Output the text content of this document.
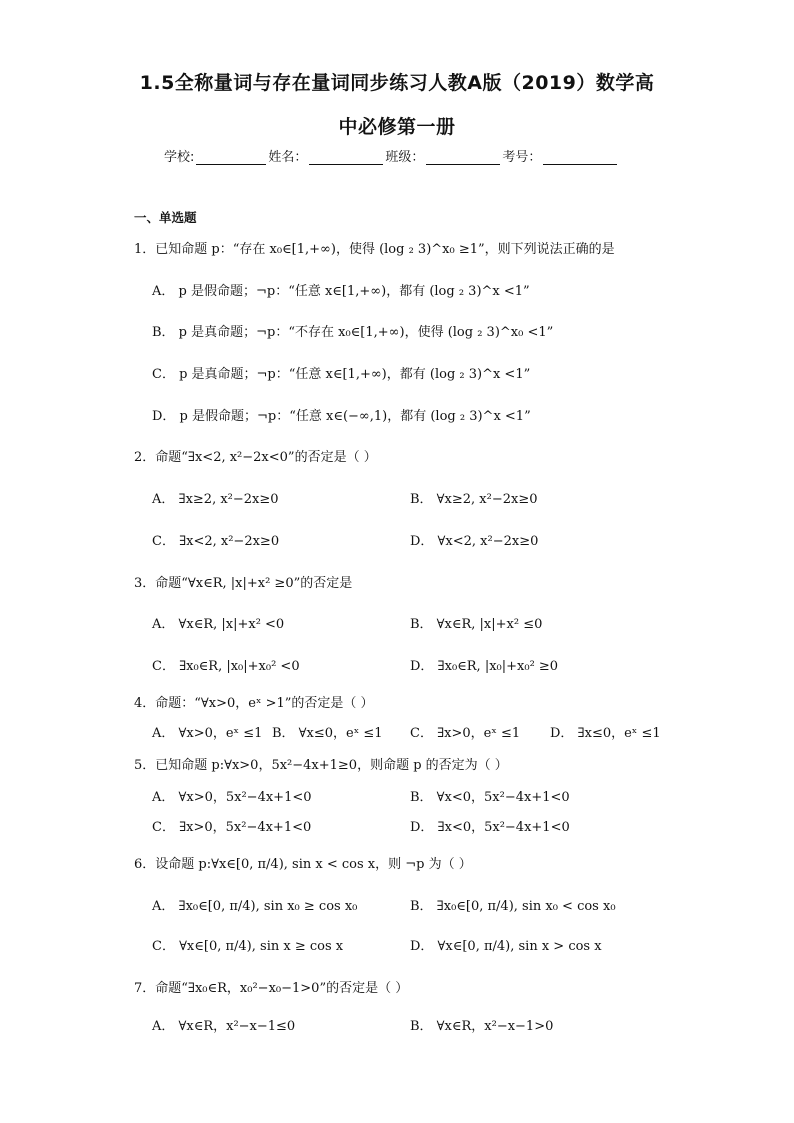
1.5全称量词与存在量词同步练习人教A版（2019）数学高
中必修第一册
学校:	姓名：	班级：	考号：
一、单选题
1．已知命题 p：“存在 x₀∈[1,+∞)，使得 (log ₂ 3)^x₀ ≥1”，则下列说法正确的是
A． p 是假命题；¬p：“任意 x∈[1,+∞)，都有 (log ₂ 3)^x <1”
B． p 是真命题；¬p：“不存在 x₀∈[1,+∞)，使得 (log ₂ 3)^x₀ <1”
C． p 是真命题；¬p：“任意 x∈[1,+∞)，都有 (log ₂ 3)^x <1”
D． p 是假命题；¬p：“任意 x∈(−∞,1)，都有 (log ₂ 3)^x <1”
2．命题“∃x<2, x²−2x<0”的否定是（ ）
A． ∃x≥2, x²−2x≥0	B． ∀x≥2, x²−2x≥0
C． ∃x<2, x²−2x≥0	D． ∀x<2, x²−2x≥0
3．命题“∀x∈R, |x|+x² ≥0”的否定是
A． ∀x∈R, |x|+x² <0	B． ∀x∈R, |x|+x² ≤0
C． ∃x₀∈R, |x₀|+x₀² <0	D． ∃x₀∈R, |x₀|+x₀² ≥0
4．命题：“∀x>0，eˣ >1”的否定是（ ）
A． ∀x>0，eˣ ≤1 B． ∀x≤0，eˣ ≤1 C． ∃x>0，eˣ ≤1 D． ∃x≤0，eˣ ≤1
5．已知命题 p:∀x>0，5x²−4x+1≥0，则命题 p 的否定为（ ）
A． ∀x>0，5x²−4x+1<0	B． ∀x<0，5x²−4x+1<0
C． ∃x>0，5x²−4x+1<0	D． ∃x<0，5x²−4x+1<0
6．设命题 p:∀x∈[0, π/4), sin x < cos x，则 ¬p 为（ ）
A． ∃x₀∈[0, π/4), sin x₀ ≥ cos x₀	B． ∃x₀∈[0, π/4), sin x₀ < cos x₀
C． ∀x∈[0, π/4), sin x ≥ cos x	D． ∀x∈[0, π/4), sin x > cos x
7．命题“∃x₀∈R，x₀²−x₀−1>0”的否定是（ ）
A． ∀x∈R，x²−x−1≤0	B． ∀x∈R，x²−x−1>0
